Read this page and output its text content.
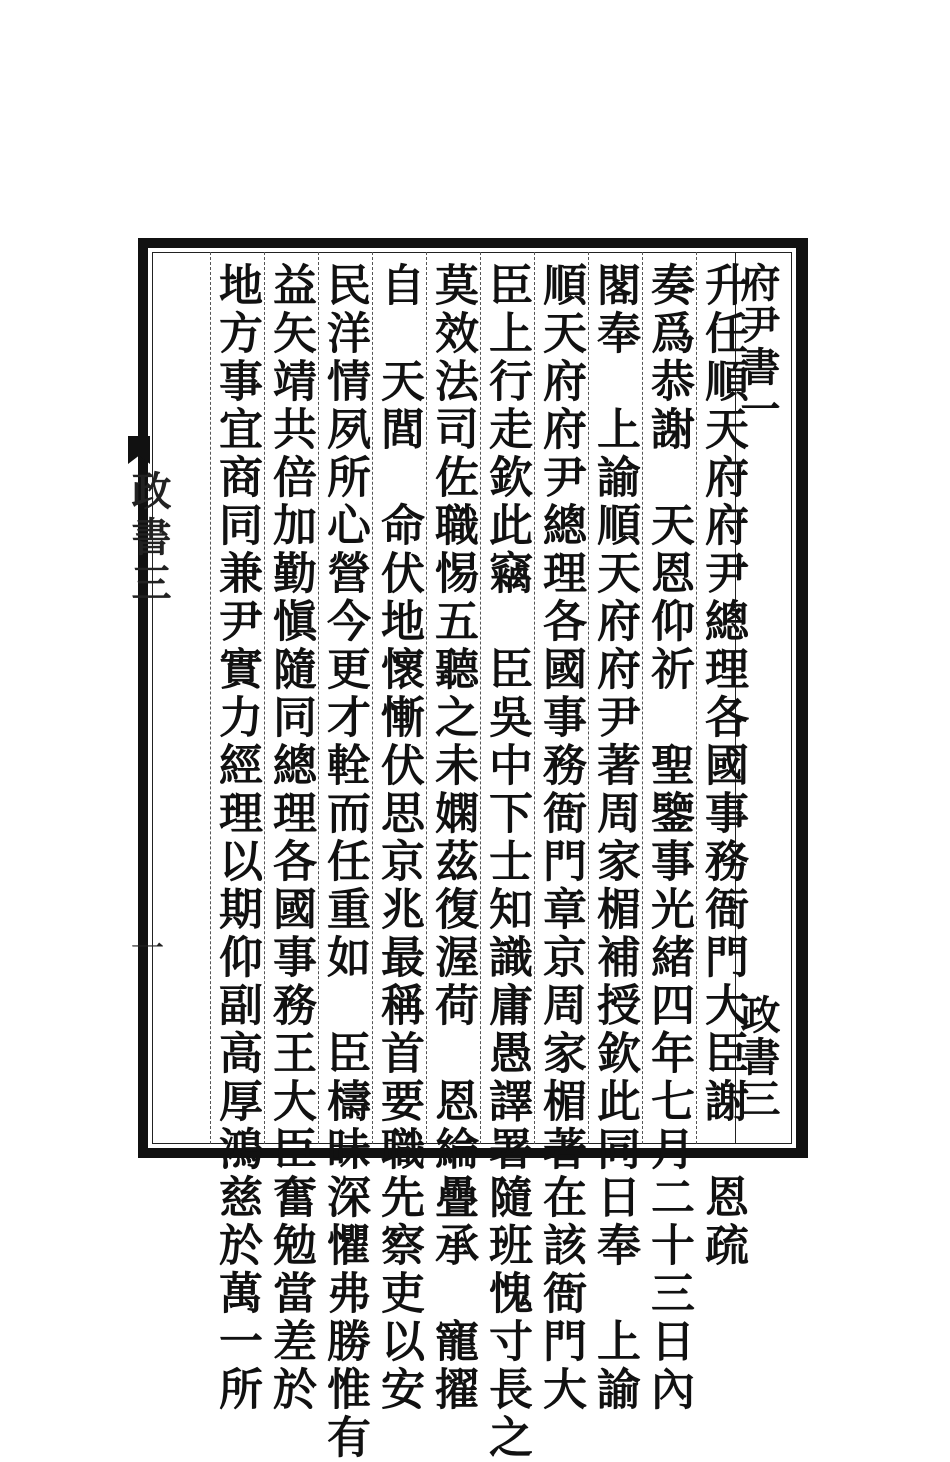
府尹書一
政書三
升任順天府府尹總理各國事務衙門大臣謝　恩疏
奏爲恭謝　天恩仰祈　聖鑒事光緒四年七月二十三日內
閣奉　上諭順天府府尹著周家楣補授欽此同日奉　上諭
順天府府尹總理各國事務衙門章京周家楣著在該衙門大
臣上行走欽此竊　臣吳中下士知識庸愚譯署隨班愧寸長之
莫效法司佐職惕五聽之未嫻茲復渥荷　恩綸疊承　寵擢
自　天閭　命伏地懷慚伏思京兆最稱首要職先察吏以安
民洋情夙所心營今更才輇而任重如　臣檮昧深懼弗勝惟有
益矢靖共倍加勤愼隨同總理各國事務王大臣奮勉當差於
地方事宜商同兼尹實力經理以期仰副高厚鴻慈於萬一所
政書三
一
